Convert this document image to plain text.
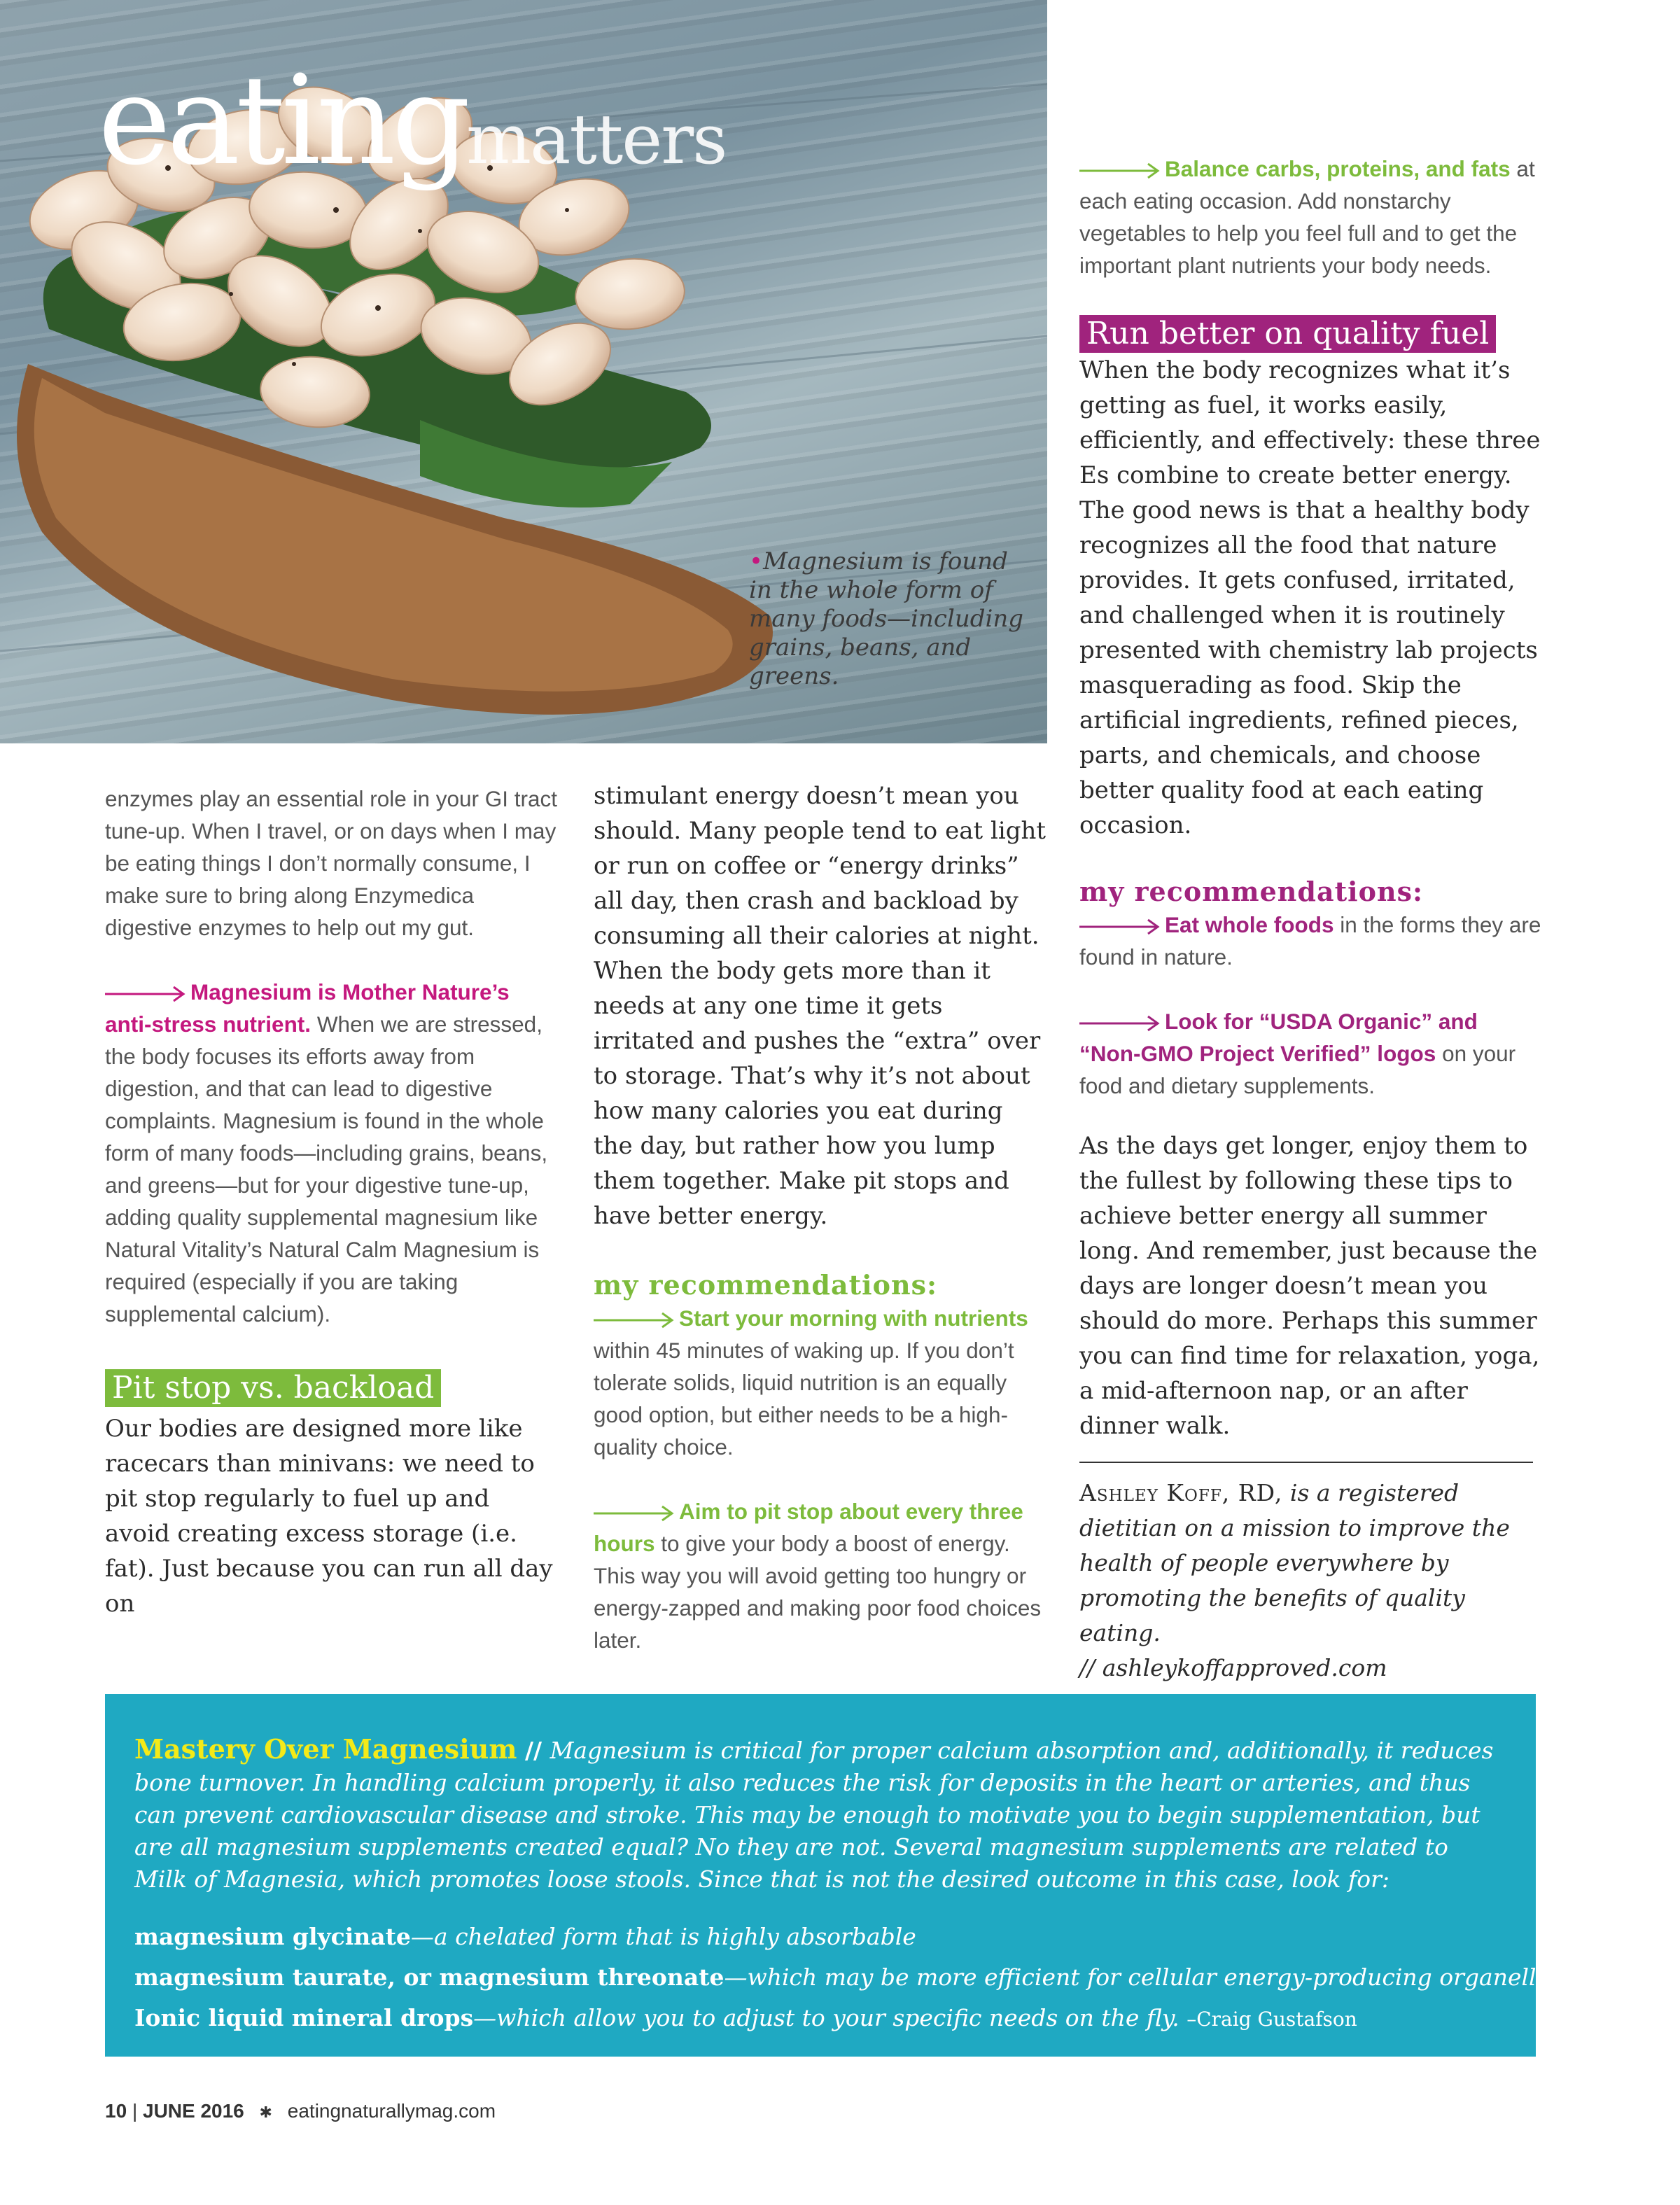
eatingmatters
•Magnesium is found in the whole form of many foods—including grains, beans, and greens.

enzymes play an essential role in your GI tract tune-up. When I travel, or on days when I may be eating things I don’t normally consume, I make sure to bring along Enzymedica digestive enzymes to help out my gut.

Magnesium is Mother Nature’s anti-stress nutrient. When we are stressed, the body focuses its efforts away from digestion, and that can lead to digestive complaints. Magnesium is found in the whole form of many foods—including grains, beans, and greens—but for your digestive tune-up, adding quality supplemental magnesium like Natural Vitality’s Natural Calm Magnesium is required (especially if you are taking supplemental calcium).

Pit stop vs. backload

Our bodies are designed more like racecars than minivans: we need to pit stop regularly to fuel up and avoid creating excess storage (i.e. fat). Just because you can run all day on

stimulant energy doesn’t mean you should. Many people tend to eat light or run on coffee or “energy drinks” all day, then crash and backload by consuming all their calories at night. When the body gets more than it needs at any one time it gets irritated and pushes the “extra” over to storage. That’s why it’s not about how many calories you eat during the day, but rather how you lump them together. Make pit stops and have better energy.

my recommendations:

Start your morning with nutrients within 45 minutes of waking up. If you don’t tolerate solids, liquid nutrition is an equally good option, but either needs to be a high-quality choice.

Aim to pit stop about every three hours to give your body a boost of energy. This way you will avoid getting too hungry or energy-zapped and making poor food choices later.

Balance carbs, proteins, and fats at each eating occasion. Add nonstarchy vegetables to help you feel full and to get the important plant nutrients your body needs.

Run better on quality fuel

When the body recognizes what it’s getting as fuel, it works easily, efficiently, and effectively: these three Es combine to create better energy. The good news is that a healthy body recognizes all the food that nature provides. It gets confused, irritated, and challenged when it is routinely presented with chemistry lab projects masquerading as food. Skip the artificial ingredients, refined pieces, parts, and chemicals, and choose better quality food at each eating occasion.

my recommendations:

Eat whole foods in the forms they are found in nature.

Look for “USDA Organic” and “Non-GMO Project Verified” logos on your food and dietary supplements.

As the days get longer, enjoy them to the fullest by following these tips to achieve better energy all summer long. And remember, just because the days are longer doesn’t mean you should do more. Perhaps this summer you can find time for relaxation, yoga, a mid-afternoon nap, or an after dinner walk.

Ashley Koff, RD, is a registered dietitian on a mission to improve the health of people everywhere by promoting the benefits of quality eating.
// ashleykoffapproved.com

Mastery Over Magnesium // Magnesium is critical for proper calcium absorption and, additionally, it reduces bone turnover. In handling calcium properly, it also reduces the risk for deposits in the heart or arteries, and thus can prevent cardiovascular disease and stroke. This may be enough to motivate you to begin supplementation, but are all magnesium supplements created equal? No they are not. Several magnesium supplements are related to Milk of Magnesia, which promotes loose stools. Since that is not the desired outcome in this case, look for:

magnesium glycinate—a chelated form that is highly absorbable
magnesium taurate, or magnesium threonate—which may be more efficient for cellular energy-producing organelles
Ionic liquid mineral drops—which allow you to adjust to your specific needs on the fly. –Craig Gustafson
10 | JUNE 2016 ✱ eatingnaturallymag.com
